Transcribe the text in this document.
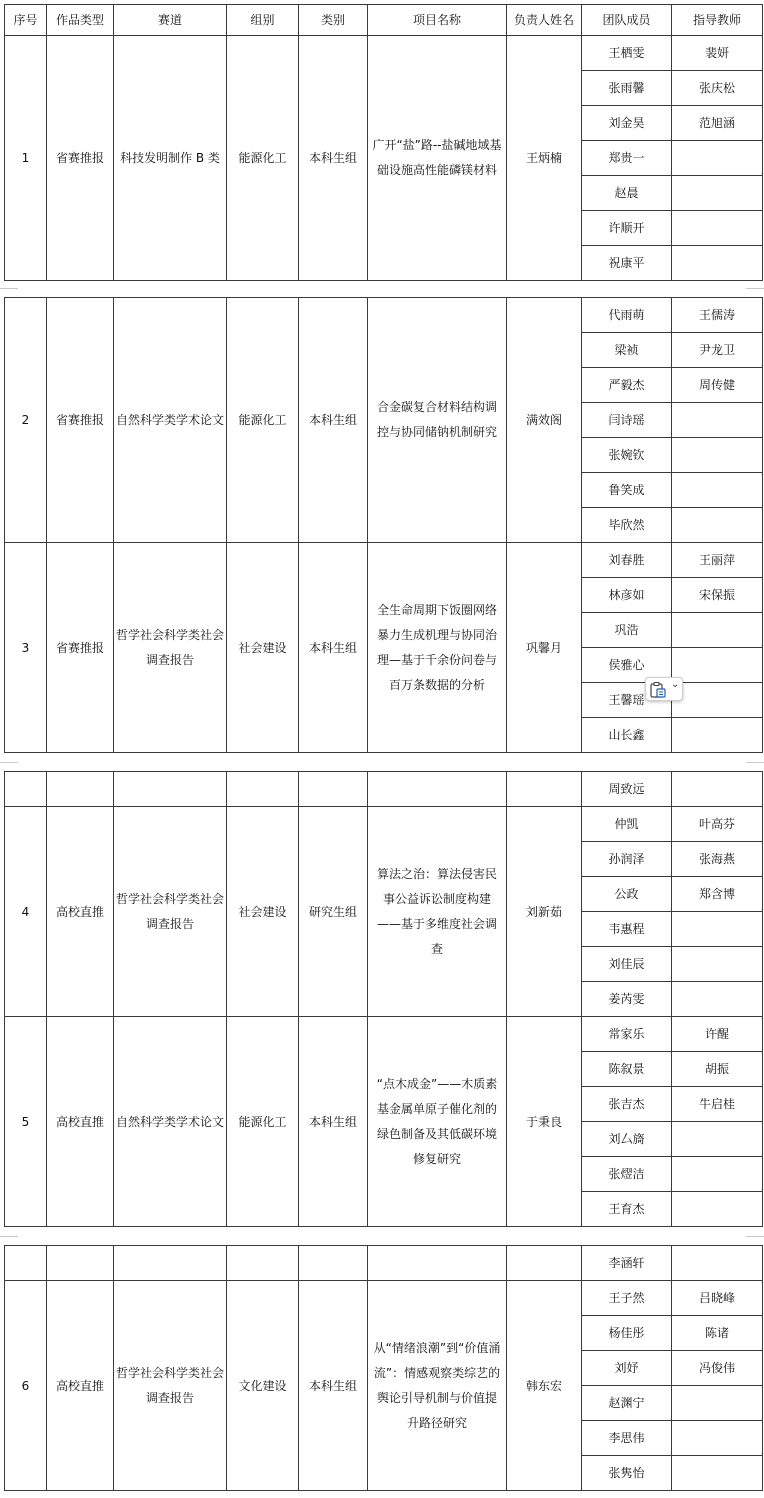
序号	作品类型	赛道	组别	类别	项目名称	负责人姓名	团队成员	指导教师
1	省赛推报	科技发明制作 B 类	能源化工	本科生组	广开“盐”路--盐碱地域基础设施高性能磷镁材料	王炳楠	王栖雯	裴妍
							张雨馨	张庆松
							刘金昊	范旭涵
							郑贵一	
							赵晨	
							许顺开	
							祝康平	
2	省赛推报	自然科学类学术论文	能源化工	本科生组	合金碳复合材料结构调控与协同储钠机制研究	满效阁	代雨萌	王儒涛
							梁祯	尹龙卫
							严毅杰	周传健
							闫诗瑶	
							张婉钦	
							鲁笑成	
							毕欣然	
3	省赛推报	哲学社会科学类社会调查报告	社会建设	本科生组	全生命周期下饭圈网络暴力生成机理与协同治理—基于千余份问卷与百万条数据的分析	巩馨月	刘春胜	王丽萍
							林彦如	宋保振
							巩浩	
							侯雅心	
							王馨瑶	
							山长鑫	
							周致远	
4	高校直推	哲学社会科学类社会调查报告	社会建设	研究生组	算法之治：算法侵害民事公益诉讼制度构建——基于多维度社会调查	刘新茹	仲凯	叶高芬
							孙润泽	张海燕
							公政	郑含博
							韦惠程	
							刘佳辰	
							姜芮雯	
5	高校直推	自然科学类学术论文	能源化工	本科生组	“点木成金”——木质素基金属单原子催化剂的绿色制备及其低碳环境修复研究	于秉良	常家乐	许醒
							陈叙景	胡振
							张吉杰	牛启桂
							刘厶旖	
							张熤洁	
							王育杰	
							李涵轩	
6	高校直推	哲学社会科学类社会调查报告	文化建设	本科生组	从“情绪浪潮”到“价值涌流”：情感观察类综艺的舆论引导机制与价值提升路径研究	韩东宏	王子然	吕晓峰
							杨佳彤	陈诸
							刘妤	冯俊伟
							赵渊宁	
							李思伟	
							张隽怡	
⌄
